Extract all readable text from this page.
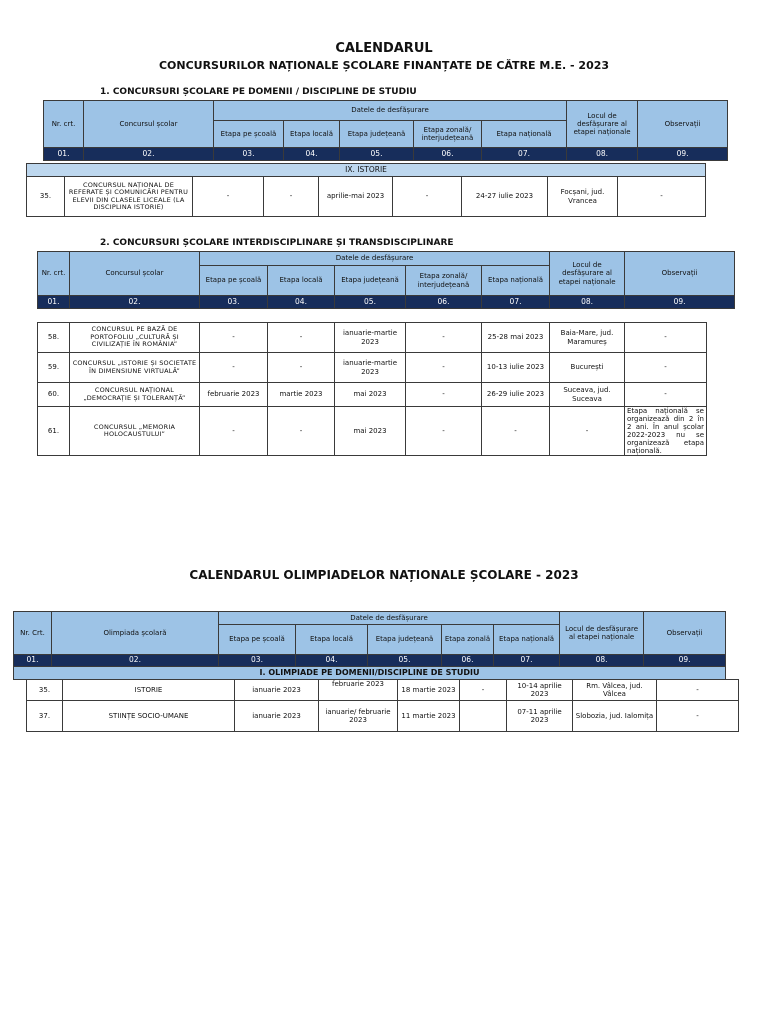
CALENDARUL
CONCURSURILOR NAȚIONALE ȘCOLARE FINANȚATE DE CĂTRE M.E. - 2023
1. CONCURSURI ȘCOLARE PE DOMENII / DISCIPLINE DE STUDIU
Nr. crt.	Concursul școlar	Datele de desfășurare					Locul de desfășurare al etapei naționale	Observații
		Etapa pe școală	Etapa locală	Etapa județeană	Etapa zonală/ interjudețeană	Etapa națională		
01.	02.	03.	04.	05.	06.	07.	08.	09.
IX. ISTORIE
35.	CONCURSUL NAȚIONAL DE REFERATE ȘI COMUNICĂRI PENTRU ELEVII DIN CLASELE LICEALE (LA DISCIPLINA ISTORIE)	-	-	aprilie-mai 2023	-	24-27 iulie 2023	Focșani, jud. Vrancea	-
2. CONCURSURI ȘCOLARE INTERDISCIPLINARE ȘI TRANSDISCIPLINARE
Nr. crt.	Concursul școlar	Datele de desfășurare					Locul de desfășurare al etapei naționale	Observații
		Etapa pe școală	Etapa locală	Etapa județeană	Etapa zonală/ interjudețeană	Etapa națională		
01.	02.	03.	04.	05.	06.	07.	08.	09.
58.	CONCURSUL PE BAZĂ DE PORTOFOLIU „CULTURĂ ȘI CIVILIZAȚIE ÎN ROMÂNIA”	-	-	ianuarie-martie 2023	-	25-28 mai 2023	Baia-Mare, jud. Maramureș	-
59.	CONCURSUL „ISTORIE ȘI SOCIETATE ÎN DIMENSIUNE VIRTUALĂ”	-	-	ianuarie-martie 2023	-	10-13 iulie 2023	București	-
60.	CONCURSUL NAȚIONAL „DEMOCRAȚIE ȘI TOLERANȚĂ”	februarie 2023	martie 2023	mai 2023	-	26-29 iulie 2023	Suceava, jud. Suceava	-
61.	CONCURSUL „MEMORIA HOLOCAUSTULUI”	-	-	mai 2023	-	-	-	Etapa națională se organizează din 2 în 2 ani. În anul școlar 2022-2023 nu se organizează etapa națională.
CALENDARUL OLIMPIADELOR NAȚIONALE ȘCOLARE - 2023
Nr. Crt.	Olimpiada școlară	Datele de desfășurare					Locul de desfășurare al etapei naționale	Observații
		Etapa pe școală	Etapa locală	Etapa județeană	Etapa zonală	Etapa națională		
01.	02.	03.	04.	05.	06.	07.	08.	09.
I. OLIMPIADE PE DOMENII/DISCIPLINE DE STUDIU								
35.	ISTORIE	ianuarie 2023	februarie 2023	18 martie 2023	-	10-14 aprilie 2023	Rm. Vâlcea, jud. Vâlcea	-
37.	STIINȚE SOCIO-UMANE	ianuarie 2023	ianuarie/ februarie 2023	11 martie 2023		07-11 aprilie 2023	Slobozia, jud. Ialomița	-
